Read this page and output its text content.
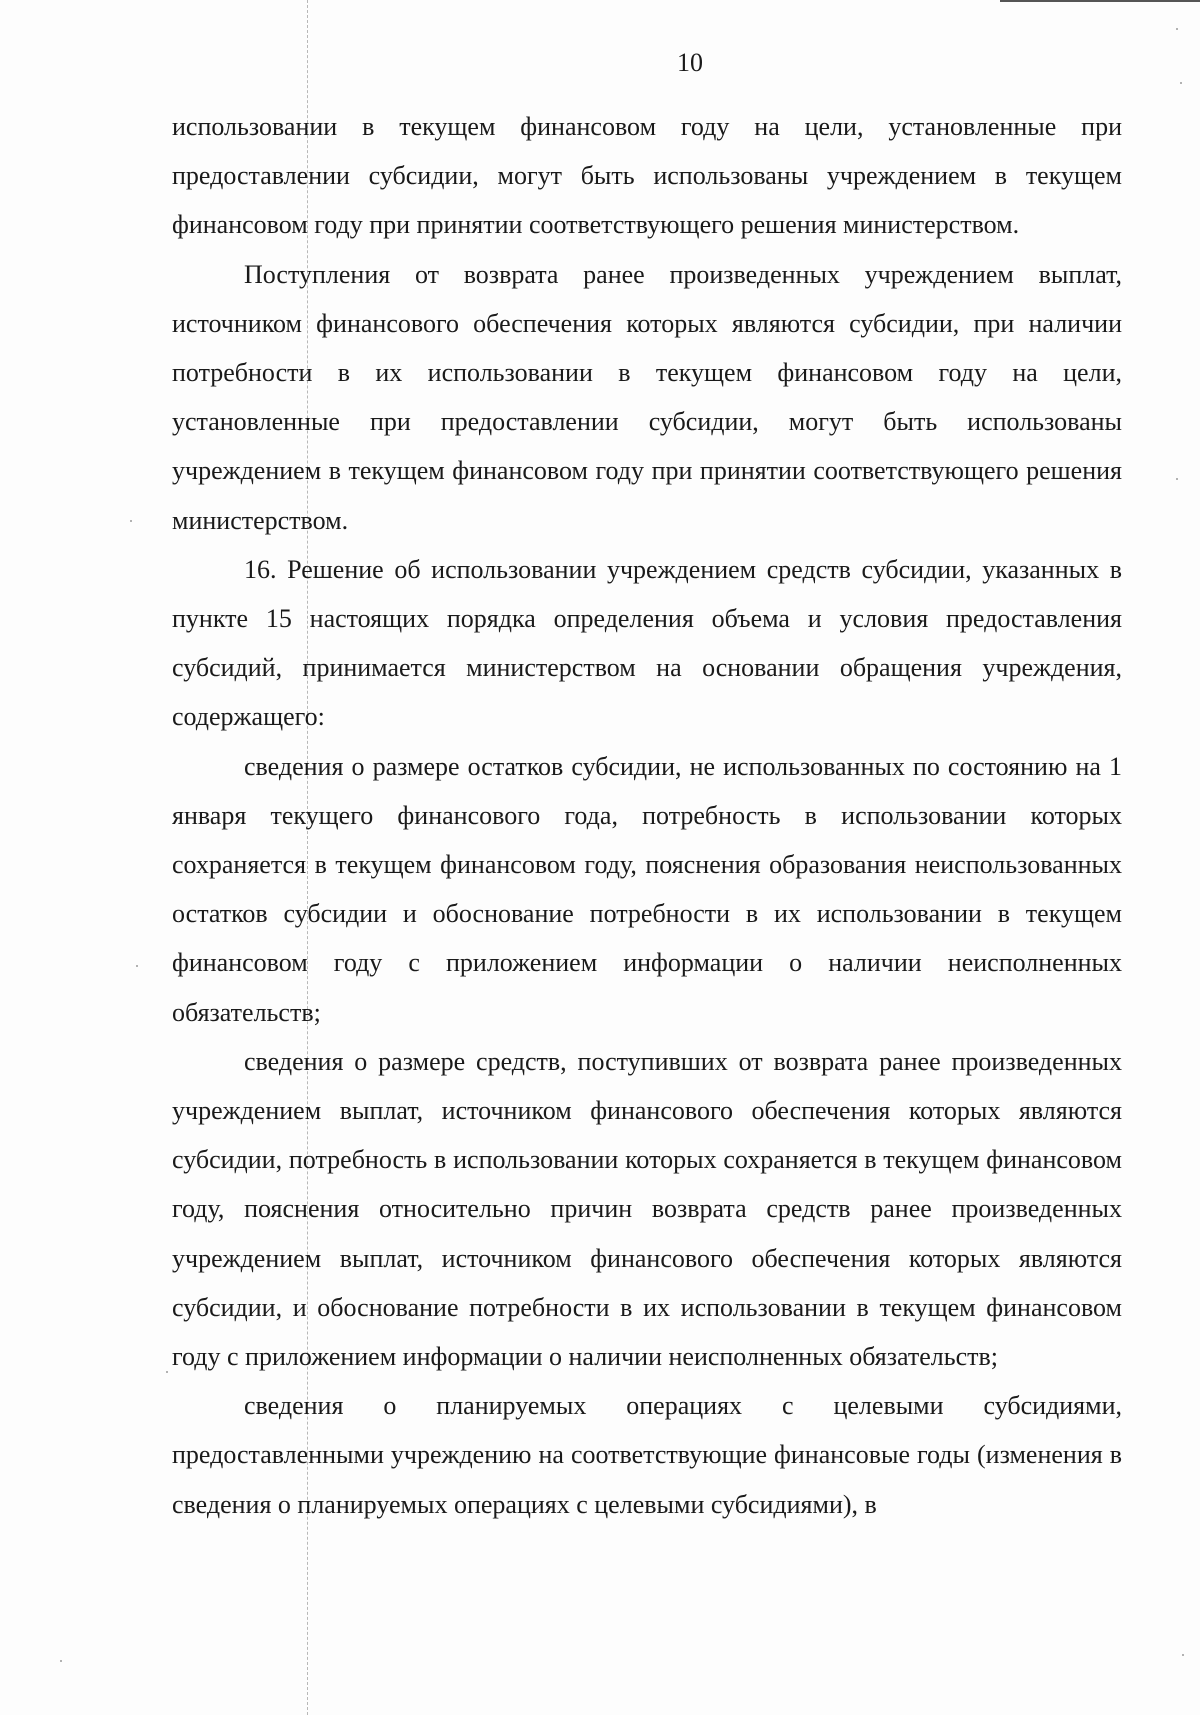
10

использовании в текущем финансовом году на цели, установленные при предоставлении субсидии, могут быть использованы учреждением в текущем финансовом году при принятии соответствующего решения министерством.

Поступления от возврата ранее произведенных учреждением выплат, источником финансового обеспечения которых являются субсидии, при наличии потребности в их использовании в текущем финансовом году на цели, установленные при предоставлении субсидии, могут быть использованы учреждением в текущем финансовом году при принятии соответствующего решения министерством.

16. Решение об использовании учреждением средств субсидии, указанных в пункте 15 настоящих порядка определения объема и условия предоставления субсидий, принимается министерством на основании обращения учреждения, содержащего:

сведения о размере остатков субсидии, не использованных по состоянию на 1 января текущего финансового года, потребность в использовании которых сохраняется в текущем финансовом году, пояснения образования неиспользованных остатков субсидии и обоснование потребности в их использовании в текущем финансовом году с приложением информации о наличии неисполненных обязательств;

сведения о размере средств, поступивших от возврата ранее произведенных учреждением выплат, источником финансового обеспечения которых являются субсидии, потребность в использовании которых сохраняется в текущем финансовом году, пояснения относительно причин возврата средств ранее произведенных учреждением выплат, источником финансового обеспечения которых являются субсидии, и обоснование потребности в их использовании в текущем финансовом году с приложением информации о наличии неисполненных обязательств;

сведения о планируемых операциях с целевыми субсидиями, предоставленными учреждению на соответствующие финансовые годы (изменения в сведения о планируемых операциях с целевыми субсидиями), в
